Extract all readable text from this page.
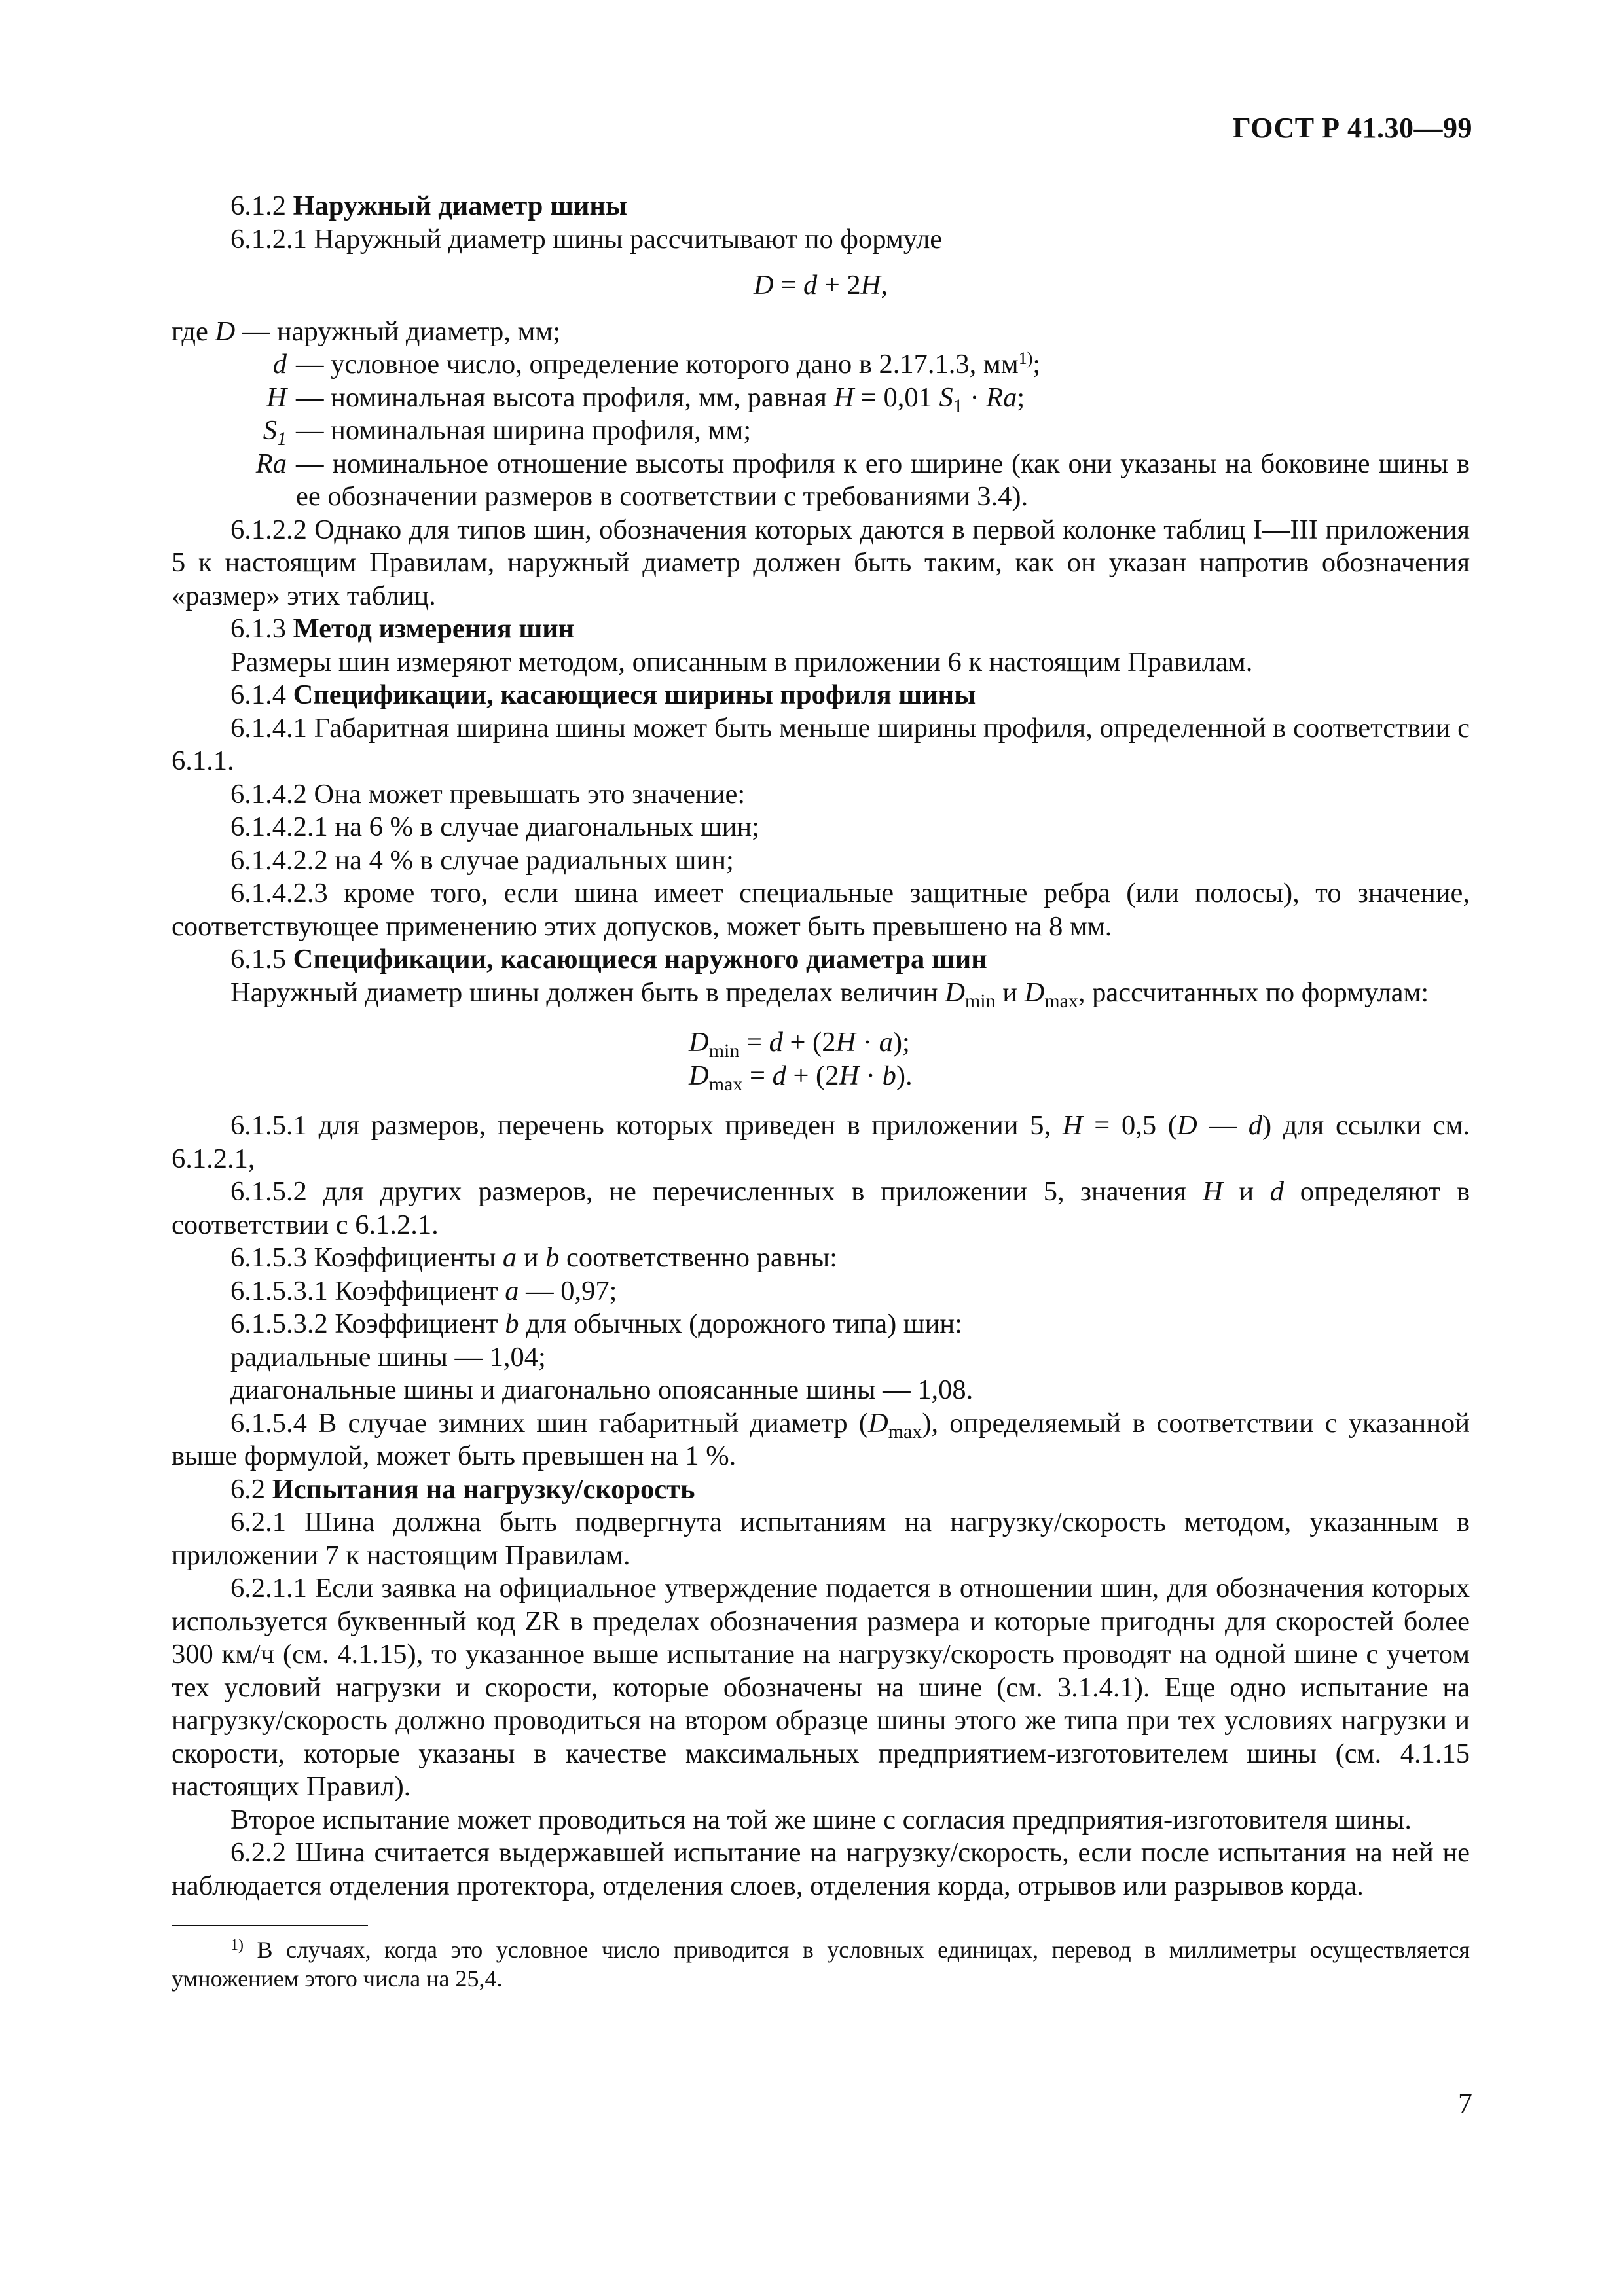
ГОСТ Р 41.30—99

6.1.2 Наружный диаметр шины

6.1.2.1 Наружный диаметр шины рассчитывают по формуле

D = d + 2H,
где D — наружный диаметр, мм;
d — условное число, определение которого дано в 2.17.1.3, $мм^{1)}$;
H — номинальная высота профиля, мм, равная H = 0,01 $S_1 \cdot Ra$;
$S_1$ — номинальная ширина профиля, мм;
Ra — номинальное отношение высоты профиля к его ширине (как они указаны на боковине шины в ее обозначении размеров в соответствии с требованиями 3.4).

6.1.2.2 Однако для типов шин, обозначения которых даются в первой колонке таблиц I—III приложения 5 к настоящим Правилам, наружный диаметр должен быть таким, как он указан напротив обозначения «размер» этих таблиц.

6.1.3 Метод измерения шин

Размеры шин измеряют методом, описанным в приложении 6 к настоящим Правилам.

6.1.4 Спецификации, касающиеся ширины профиля шины

6.1.4.1 Габаритная ширина шины может быть меньше ширины профиля, определенной в соответствии с 6.1.1.

6.1.4.2 Она может превышать это значение:

6.1.4.2.1 на 6 % в случае диагональных шин;

6.1.4.2.2 на 4 % в случае радиальных шин;

6.1.4.2.3 кроме того, если шина имеет специальные защитные ребра (или полосы), то значение, соответствующее применению этих допусков, может быть превышено на 8 мм.

6.1.5 Спецификации, касающиеся наружного диаметра шин

Наружный диаметр шины должен быть в пределах величин $D_{min}$ и $D_{max}$, рассчитанных по формулам:

$D_{min} = d + (2H \cdot a)$;
$D_{max} = d + (2H \cdot b)$.

6.1.5.1 для размеров, перечень которых приведен в приложении 5, H = 0,5 (D — d) для ссылки см. 6.1.2.1,

6.1.5.2 для других размеров, не перечисленных в приложении 5, значения H и d определяют в соответствии с 6.1.2.1.

6.1.5.3 Коэффициенты a и b соответственно равны:

6.1.5.3.1 Коэффициент a — 0,97;

6.1.5.3.2 Коэффициент b для обычных (дорожного типа) шин:

радиальные шины — 1,04;

диагональные шины и диагонально опоясанные шины — 1,08.

6.1.5.4 В случае зимних шин габаритный диаметр $(D_{max})$, определяемый в соответствии с указанной выше формулой, может быть превышен на 1 %.

6.2 Испытания на нагрузку/скорость

6.2.1 Шина должна быть подвергнута испытаниям на нагрузку/скорость методом, указанным в приложении 7 к настоящим Правилам.

6.2.1.1 Если заявка на официальное утверждение подается в отношении шин, для обозначения которых используется буквенный код ZR в пределах обозначения размера и которые пригодны для скоростей более 300 км/ч (см. 4.1.15), то указанное выше испытание на нагрузку/скорость проводят на одной шине с учетом тех условий нагрузки и скорости, которые обозначены на шине (см. 3.1.4.1). Еще одно испытание на нагрузку/скорость должно проводиться на втором образце шины этого же типа при тех условиях нагрузки и скорости, которые указаны в качестве максимальных предприятием-изготовителем шины (см. 4.1.15 настоящих Правил).

Второе испытание может проводиться на той же шине с согласия предприятия-изготовителя шины.

6.2.2 Шина считается выдержавшей испытание на нагрузку/скорость, если после испытания на ней не наблюдается отделения протектора, отделения слоев, отделения корда, отрывов или разрывов корда.

$^{1)}$ В случаях, когда это условное число приводится в условных единицах, перевод в миллиметры осуществляется умножением этого числа на 25,4.

7
